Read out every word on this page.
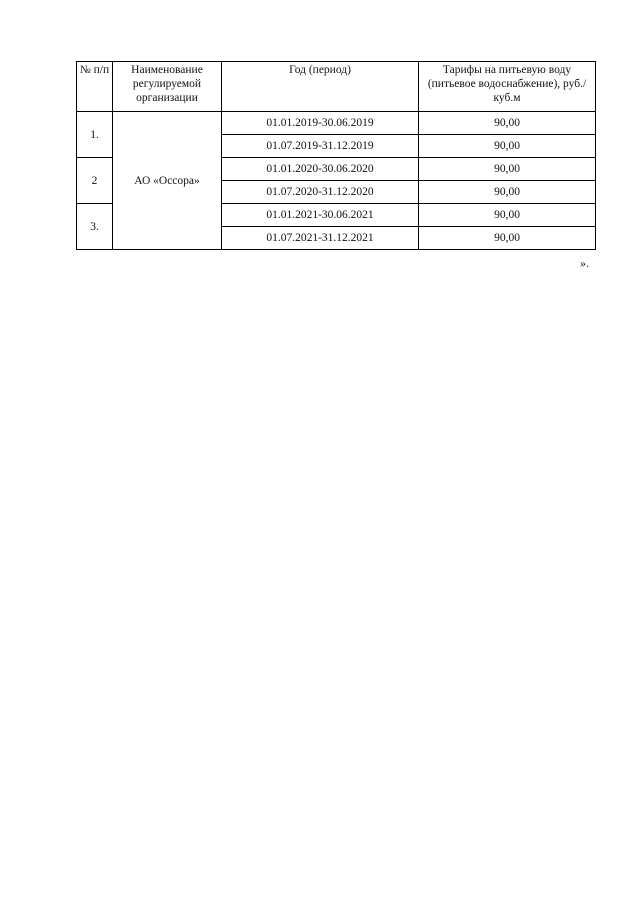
№ п/п	Наименование регулируемой организации	Год (период)	Тарифы на питьевую воду (питьевое водоснабжение), руб./куб.м
1.	АО «Оссора»	01.01.2019-30.06.2019	90,00
		01.07.2019-31.12.2019	90,00
2		01.01.2020-30.06.2020	90,00
		01.07.2020-31.12.2020	90,00
3.		01.01.2021-30.06.2021	90,00
		01.07.2021-31.12.2021	90,00
».
